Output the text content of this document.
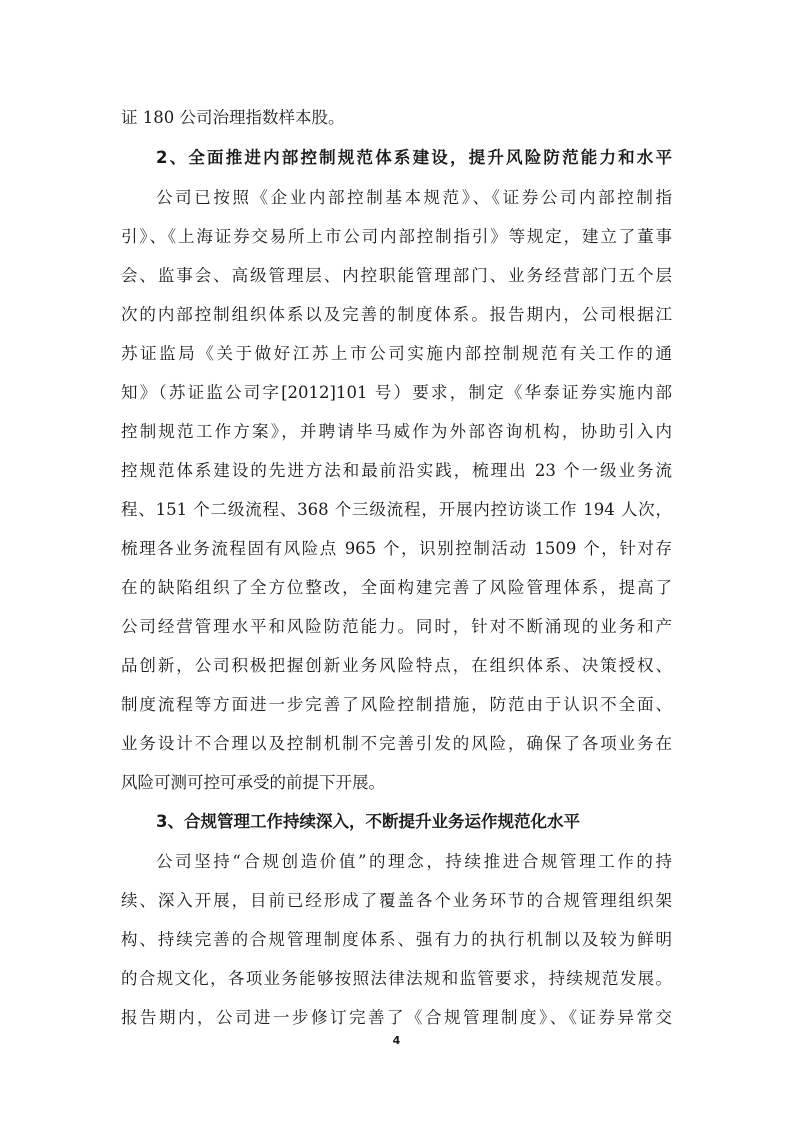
证 180 公司治理指数样本股。
2、全面推进内部控制规范体系建设，提升风险防范能力和水平
公司已按照《企业内部控制基本规范》、《证券公司内部控制指
引》、《上海证券交易所上市公司内部控制指引》等规定，建立了董事
会、监事会、高级管理层、内控职能管理部门、业务经营部门五个层
次的内部控制组织体系以及完善的制度体系。报告期内，公司根据江
苏证监局《关于做好江苏上市公司实施内部控制规范有关工作的通
知》（苏证监公司字[2012]101 号）要求，制定《华泰证券实施内部
控制规范工作方案》，并聘请毕马威作为外部咨询机构，协助引入内
控规范体系建设的先进方法和最前沿实践，梳理出 23 个一级业务流
程、151 个二级流程、368 个三级流程，开展内控访谈工作 194 人次，
梳理各业务流程固有风险点 965 个，识别控制活动 1509 个，针对存
在的缺陷组织了全方位整改，全面构建完善了风险管理体系，提高了
公司经营管理水平和风险防范能力。同时，针对不断涌现的业务和产
品创新，公司积极把握创新业务风险特点，在组织体系、决策授权、
制度流程等方面进一步完善了风险控制措施，防范由于认识不全面、
业务设计不合理以及控制机制不完善引发的风险，确保了各项业务在
风险可测可控可承受的前提下开展。
3、合规管理工作持续深入，不断提升业务运作规范化水平
公司坚持“合规创造价值”的理念，持续推进合规管理工作的持
续、深入开展，目前已经形成了覆盖各个业务环节的合规管理组织架
构、持续完善的合规管理制度体系、强有力的执行机制以及较为鲜明
的合规文化，各项业务能够按照法律法规和监管要求，持续规范发展。
报告期内，公司进一步修订完善了《合规管理制度》、《证券异常交
4
